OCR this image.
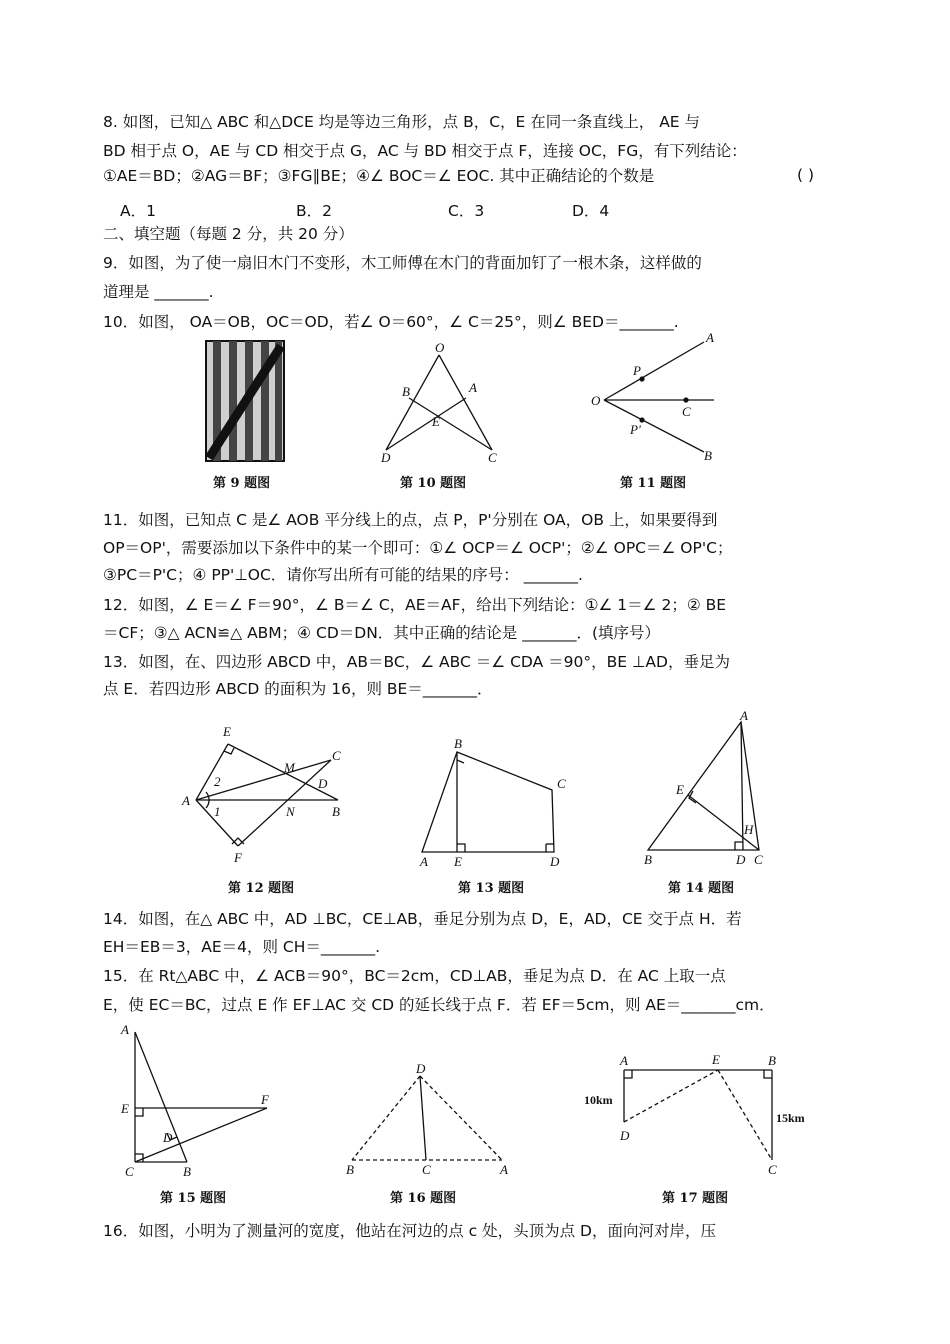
8. 如图，已知△ ABC 和△DCE 均是等边三角形，点 B，C，E 在同一条直线上， AE 与
BD 相于点 O，AE 与 CD 相交于点 G，AC 与 BD 相交于点 F，连接 OC，FG，有下列结论：
①AE＝BD；②AG＝BF；③FG∥BE；④∠ BOC＝∠ EOC. 其中正确结论的个数是	( )
A．1	B．2	C．3	D．4
二、填空题（每题 2 分，共 20 分）
9．如图，为了使一扇旧木门不变形，木工师傅在木门的背面加钉了一根木条，这样做的
道理是 _______.
10．如图， OA＝OB，OC＝OD，若∠ O＝60°，∠ C＝25°，则∠ BED＝_______.
第 9 题图
O
B	A
E
D	C
第 10 题图
A
P
O
C
P'
B
第 11 题图
11．如图，已知点 C 是∠ AOB 平分线上的点，点 P，P'分别在 OA，OB 上，如果要得到
OP＝OP'，需要添加以下条件中的某一个即可：①∠ OCP＝∠ OCP'；②∠ OPC＝∠ OP'C；
③PC＝P'C；④ PP'⊥OC．请你写出所有可能的结果的序号： _______.
12．如图，∠ E＝∠ F＝90°，∠ B＝∠ C，AE＝AF，给出下列结论：①∠ 1＝∠ 2；② BE
＝CF；③△ ACN≌△ ABM；④ CD＝DN．其中正确的结论是 _______．(填序号）
13．如图，在、四边形 ABCD 中，AB＝BC，∠ ABC ＝∠ CDA ＝90°，BE ⊥AD，垂足为
点 E．若四边形 ABCD 的面积为 16，则 BE＝_______．
E
C
M
2	D
A
1	N	B
F
第 12 题图
B
C
A E	D
第 13 题图
A
E
H
B	D C
第 14 题图
14．如图，在△ ABC 中，AD ⊥BC，CE⊥AB，垂足分别为点 D，E，AD，CE 交于点 H．若
EH＝EB＝3，AE＝4，则 CH＝_______.
15．在 Rt△ABC 中，∠ ACB＝90°，BC＝2cm，CD⊥AB，垂足为点 D．在 AC 上取一点
E，使 EC＝BC，过点 E 作 EF⊥AC 交 CD 的延长线于点 F．若 EF＝5cm，则 AE＝_______cm．
A
E
F
D
C	B
第 15 题图
D
B	C	A
第 16 题图
A	E	B
10km
15km
D
C
第 17 题图
16．如图，小明为了测量河的宽度，他站在河边的点 c 处，头顶为点 D，面向河对岸，压
